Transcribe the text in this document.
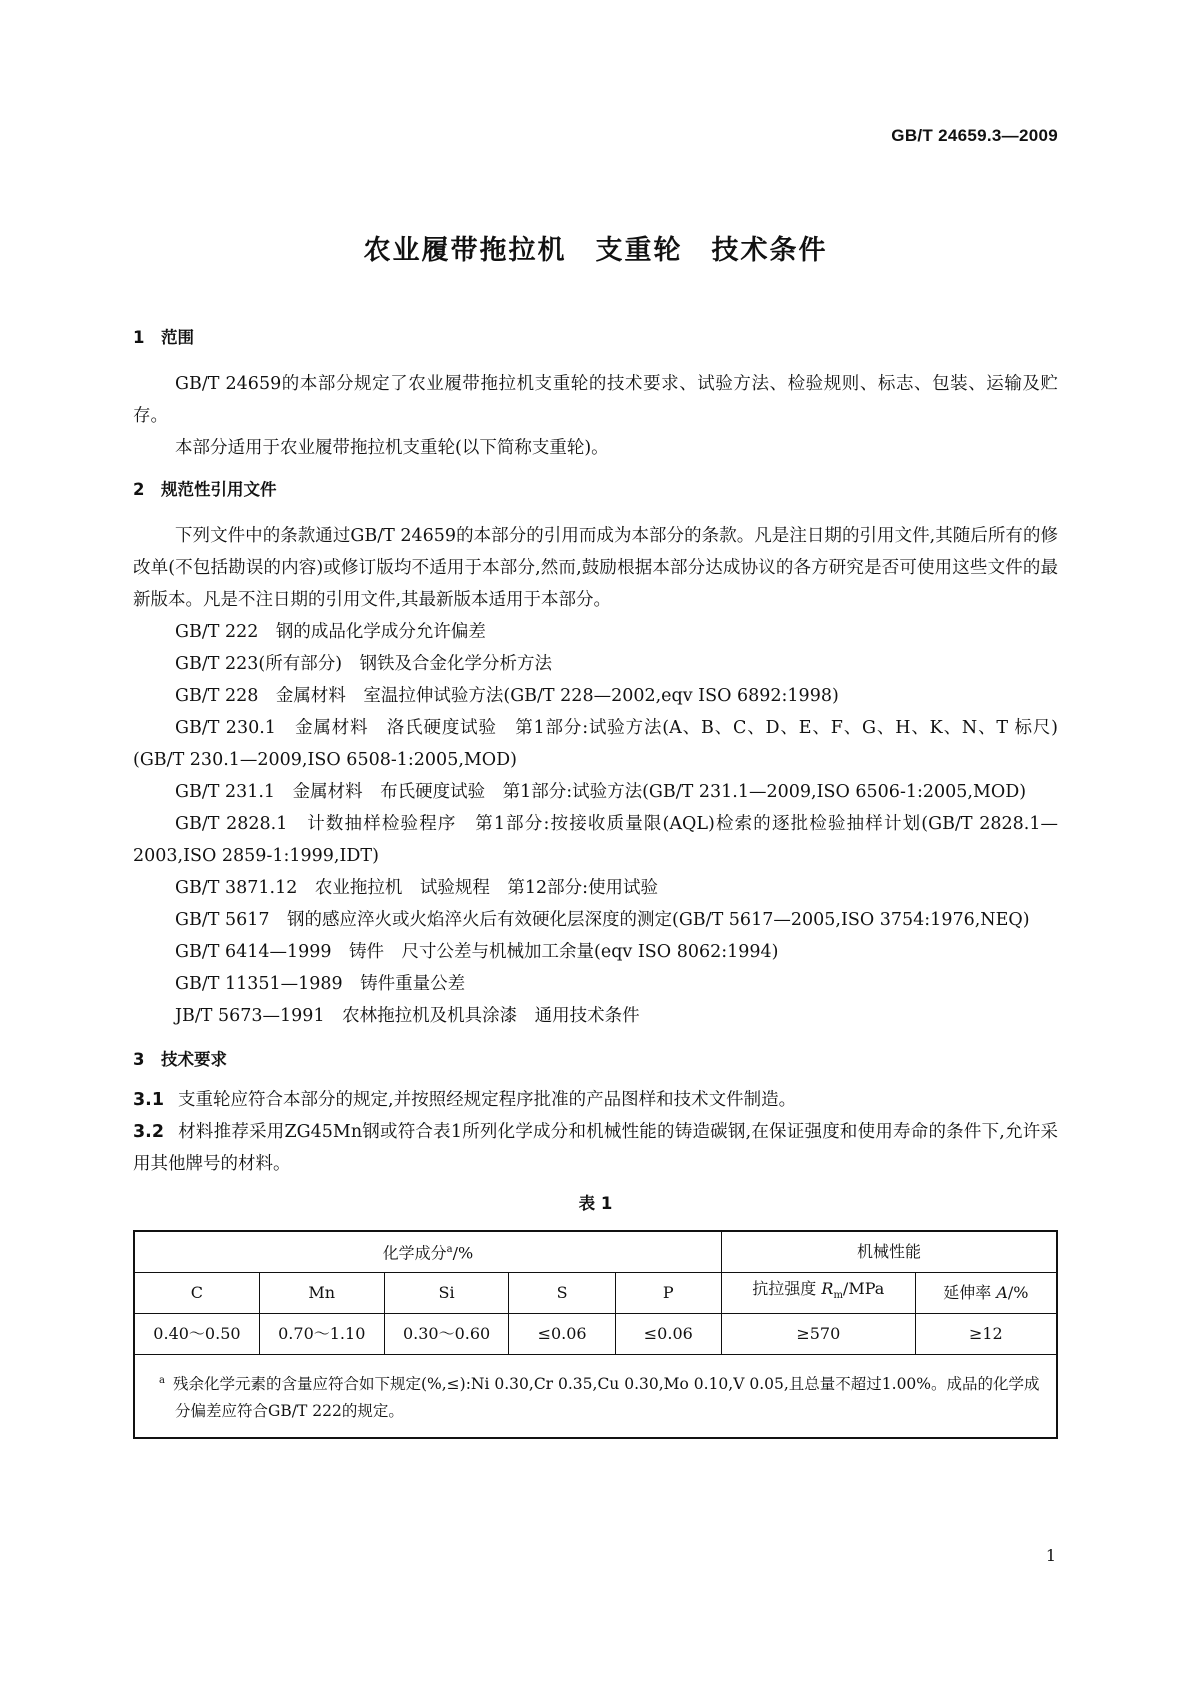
GB/T 24659.3—2009
农业履带拖拉机　支重轮　技术条件

1　范围

GB/T 24659的本部分规定了农业履带拖拉机支重轮的技术要求、试验方法、检验规则、标志、包装、运输及贮存。

本部分适用于农业履带拖拉机支重轮(以下简称支重轮)。

2　规范性引用文件

下列文件中的条款通过GB/T 24659的本部分的引用而成为本部分的条款。凡是注日期的引用文件,其随后所有的修改单(不包括勘误的内容)或修订版均不适用于本部分,然而,鼓励根据本部分达成协议的各方研究是否可使用这些文件的最新版本。凡是不注日期的引用文件,其最新版本适用于本部分。

GB/T 222　钢的成品化学成分允许偏差

GB/T 223(所有部分)　钢铁及合金化学分析方法

GB/T 228　金属材料　室温拉伸试验方法(GB/T 228—2002,eqv ISO 6892:1998)

GB/T 230.1　金属材料　洛氏硬度试验　第1部分:试验方法(A、B、C、D、E、F、G、H、K、N、T 标尺)(GB/T 230.1—2009,ISO 6508-1:2005,MOD)

GB/T 231.1　金属材料　布氏硬度试验　第1部分:试验方法(GB/T 231.1—2009,ISO 6506-1:2005,MOD)

GB/T 2828.1　计数抽样检验程序　第1部分:按接收质量限(AQL)检索的逐批检验抽样计划(GB/T 2828.1—2003,ISO 2859-1:1999,IDT)

GB/T 3871.12　农业拖拉机　试验规程　第12部分:使用试验

GB/T 5617　钢的感应淬火或火焰淬火后有效硬化层深度的测定(GB/T 5617—2005,ISO 3754:1976,NEQ)

GB/T 6414—1999　铸件　尺寸公差与机械加工余量(eqv ISO 8062:1994)

GB/T 11351—1989　铸件重量公差

JB/T 5673—1991　农林拖拉机及机具涂漆　通用技术条件

3　技术要求

3.1 支重轮应符合本部分的规定,并按照经规定程序批准的产品图样和技术文件制造。

3.2 材料推荐采用ZG45Mn钢或符合表1所列化学成分和机械性能的铸造碳钢,在保证强度和使用寿命的条件下,允许采用其他牌号的材料。

表 1
化学成分$^a$/%					机械性能	
C	Mn	Si	S	P	抗拉强度 $R_m$/MPa	延伸率 A/%
0.40～0.50	0.70～1.10	0.30～0.60	≤0.06	≤0.06	≥570	≥12
$^a$ 残余化学元素的含量应符合如下规定(%,≤):Ni 0.30,Cr 0.35,Cu 0.30,Mo 0.10,V 0.05,且总量不超过1.00%。成品的化学成分偏差应符合GB/T 222的规定。						
1
